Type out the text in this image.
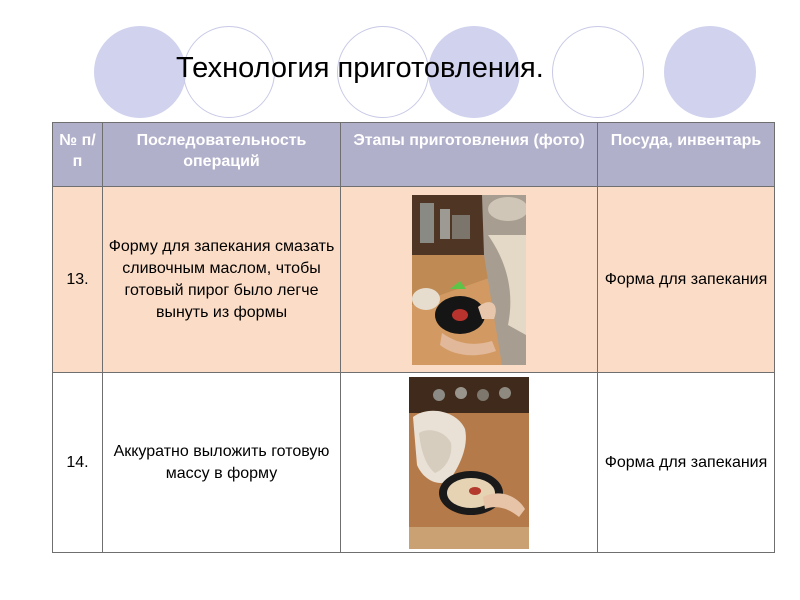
Технология приготовления.
№ п/п	Последовательность операций	Этапы приготовления (фото)	Посуда, инвентарь
13.	Форму для запекания смазать сливочным маслом, чтобы готовый пирог было легче вынуть из формы		Форма для запекания
14.	Аккуратно выложить готовую массу в форму		Форма для запекания
